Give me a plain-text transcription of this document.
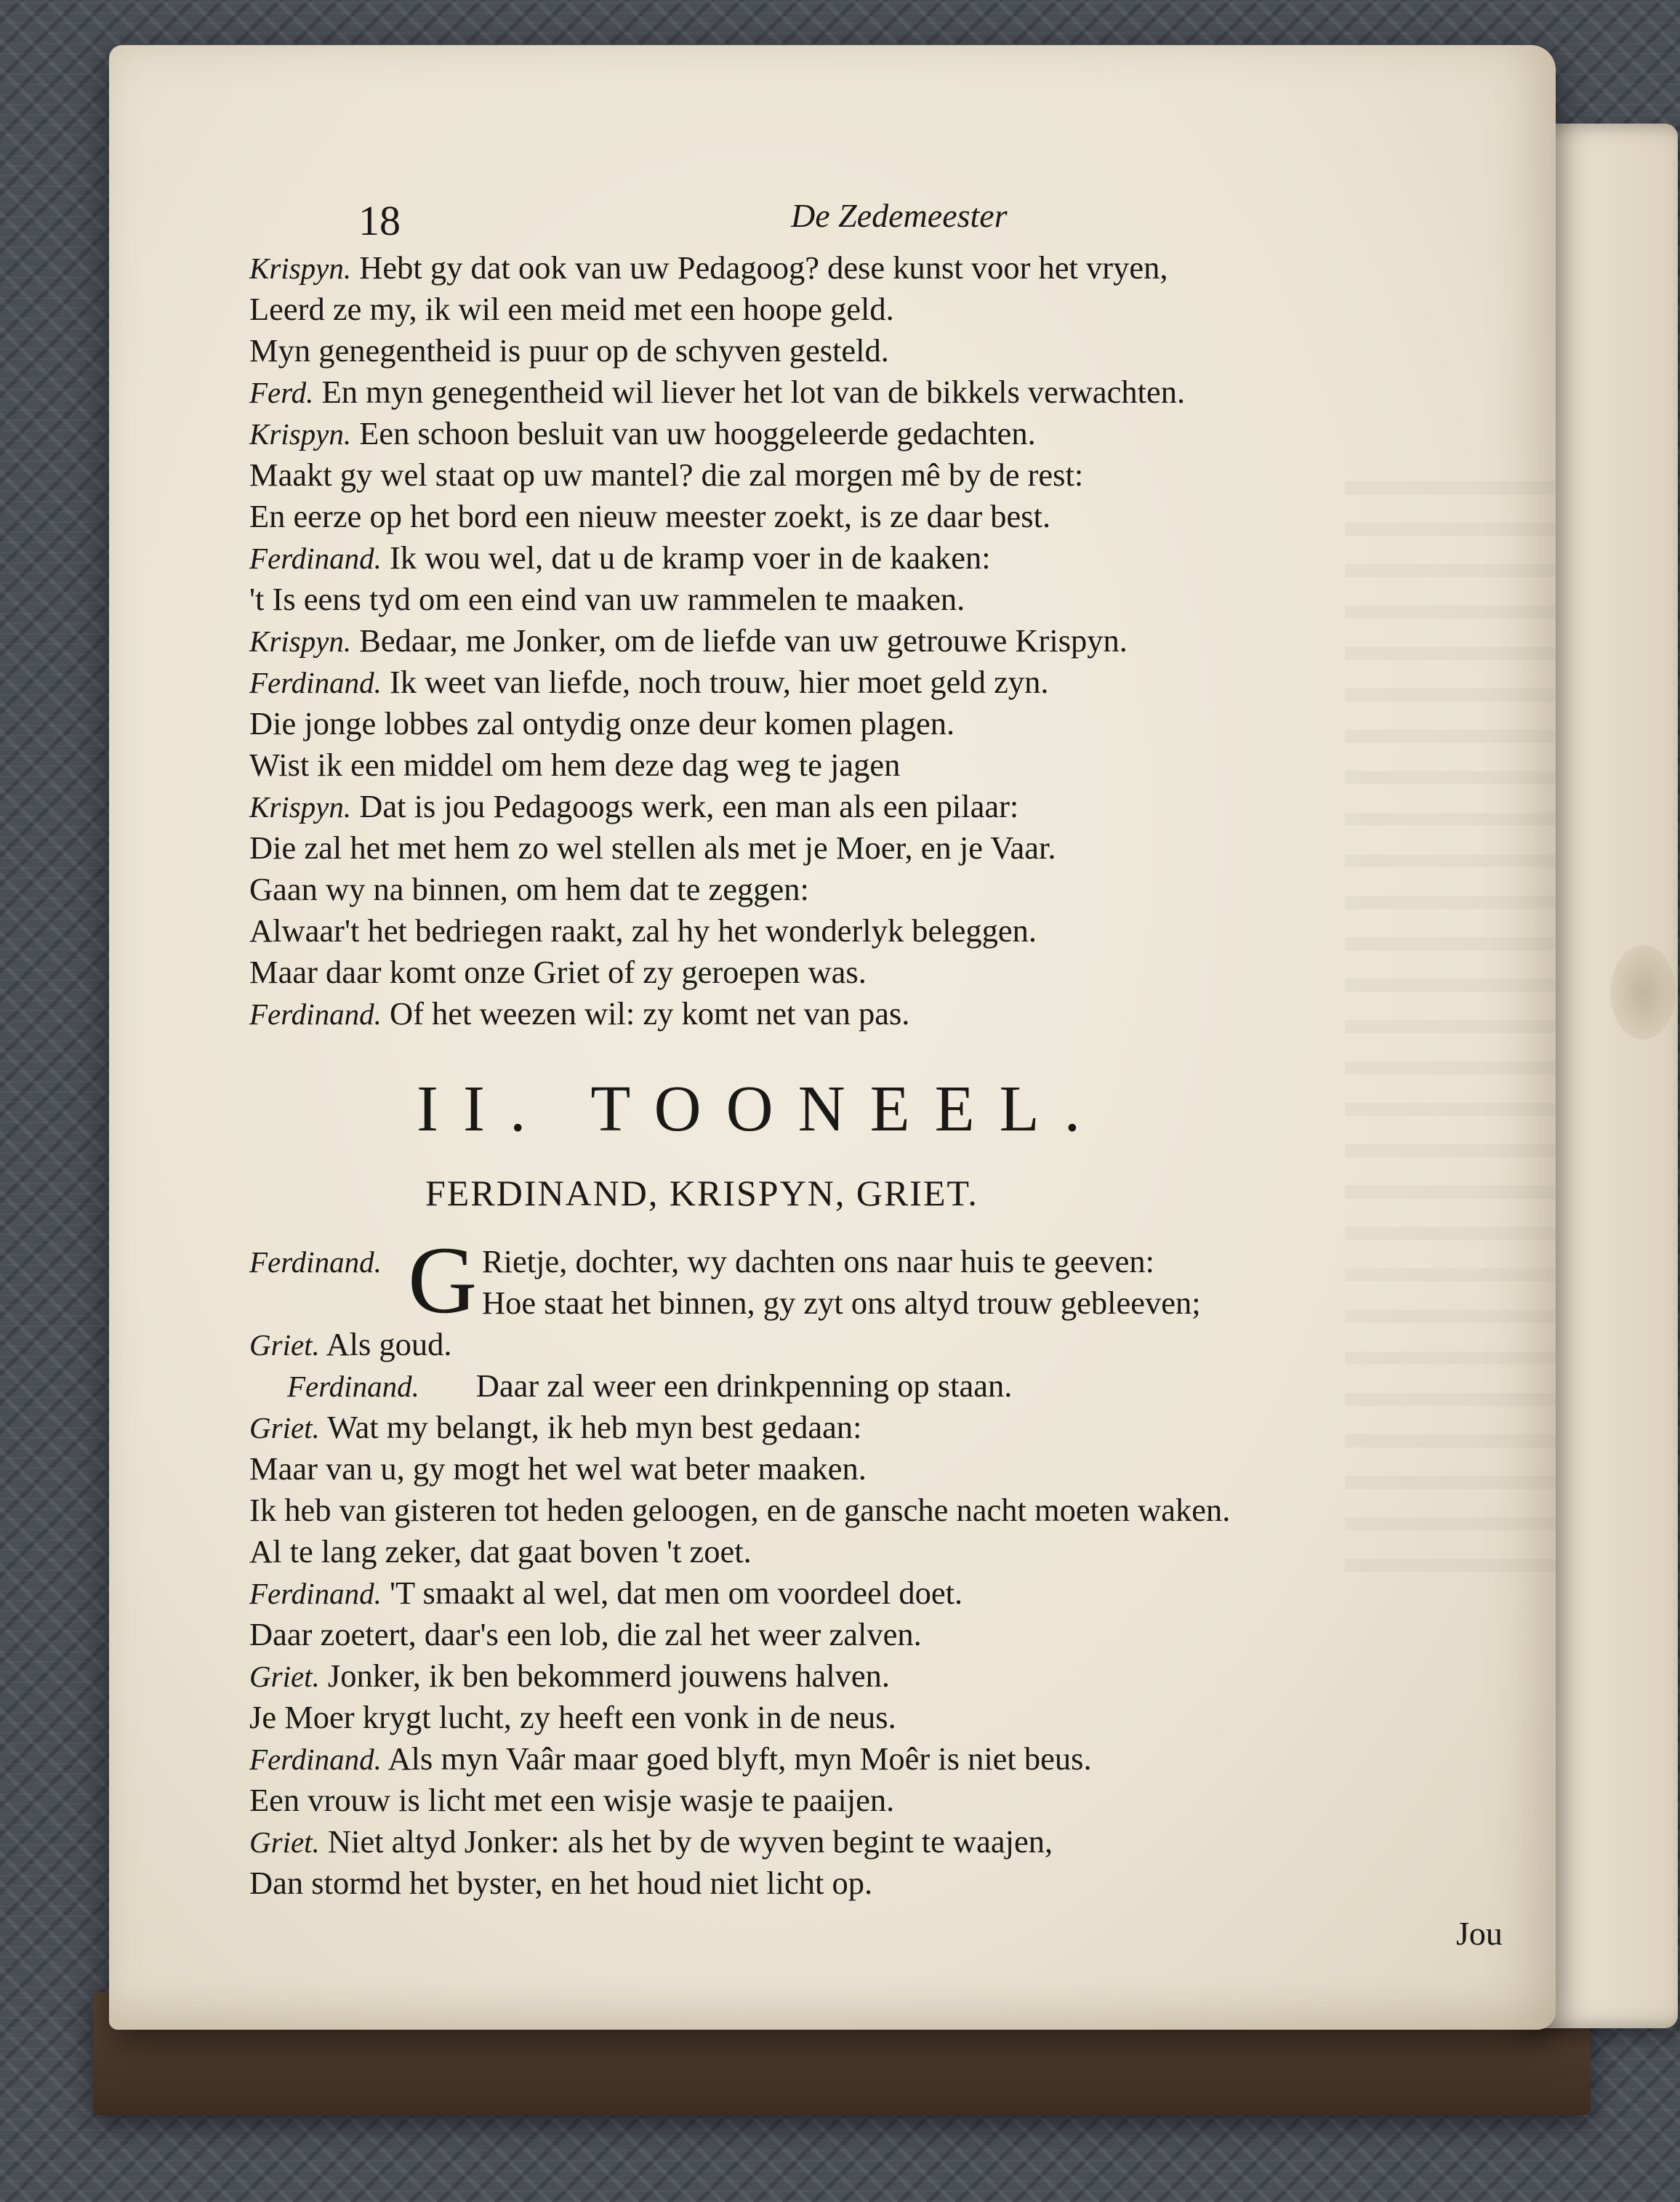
18	De Zedemeester
Krispyn. Hebt gy dat ook van uw Pedagoog? dese kunst voor het vryen,
Leerd ze my, ik wil een meid met een hoope geld.
Myn genegentheid is puur op de schyven gesteld.
Ferd. En myn genegentheid wil liever het lot van de bikkels verwachten.
Krispyn. Een schoon besluit van uw hooggeleerde gedachten.
Maakt gy wel staat op uw mantel? die zal morgen mê by de rest:
En eerze op het bord een nieuw meester zoekt, is ze daar best.
Ferdinand. Ik wou wel, dat u de kramp voer in de kaaken:
't Is eens tyd om een eind van uw rammelen te maaken.
Krispyn. Bedaar, me Jonker, om de liefde van uw getrouwe Krispyn.
Ferdinand. Ik weet van liefde, noch trouw, hier moet geld zyn.
Die jonge lobbes zal ontydig onze deur komen plagen.
Wist ik een middel om hem deze dag weg te jagen
Krispyn. Dat is jou Pedagoogs werk, een man als een pilaar:
Die zal het met hem zo wel stellen als met je Moer, en je Vaar.
Gaan wy na binnen, om hem dat te zeggen:
Alwaar't het bedriegen raakt, zal hy het wonderlyk beleggen.
Maar daar komt onze Griet of zy geroepen was.
Ferdinand. Of het weezen wil: zy komt net van pas.
II. TOONEEL.
FERDINAND, KRISPYN, GRIET.
Ferdinand. G Rietje, dochter, wy dachten ons naar huis te geeven:
Hoe staat het binnen, gy zyt ons altyd trouw gebleeven;
Griet. Als goud.
Ferdinand.       Daar zal weer een drinkpenning op staan.
Griet. Wat my belangt, ik heb myn best gedaan:
Maar van u, gy mogt het wel wat beter maaken.
Ik heb van gisteren tot heden geloogen, en de gansche nacht moeten waken.
Al te lang zeker, dat gaat boven 't zoet.
Ferdinand. 'T smaakt al wel, dat men om voordeel doet.
Daar zoetert, daar's een lob, die zal het weer zalven.
Griet. Jonker, ik ben bekommerd jouwens halven.
Je Moer krygt lucht, zy heeft een vonk in de neus.
Ferdinand. Als myn Vaâr maar goed blyft, myn Moêr is niet beus.
Een vrouw is licht met een wisje wasje te paaijen.
Griet. Niet altyd Jonker: als het by de wyven begint te waajen,
Dan stormd het byster, en het houd niet licht op.
Jou
